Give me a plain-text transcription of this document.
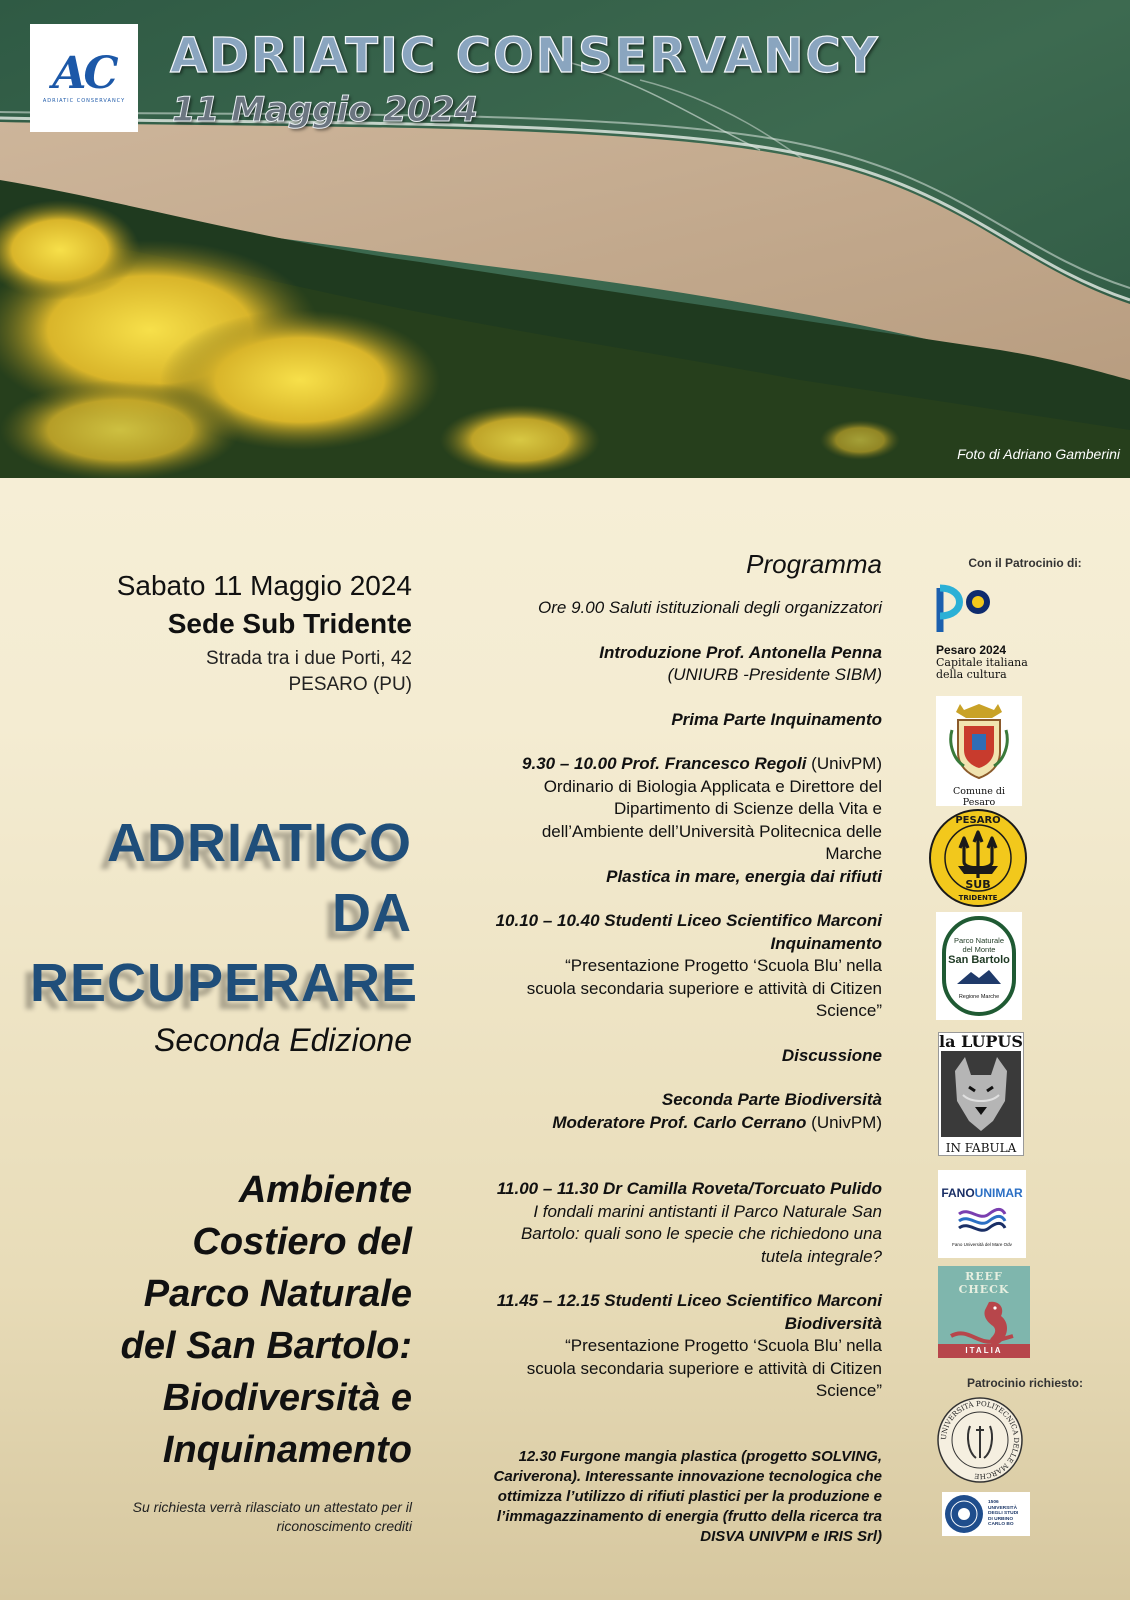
AC
ADRIATIC CONSERVANCY
ADRIATIC CONSERVANCY
11 Maggio 2024
Foto di Adriano Gamberini
Sabato 11 Maggio 2024
Sede Sub Tridente
Strada tra i due Porti, 42
PESARO (PU)
ADRIATICO
DA
RECUPERARE
Seconda Edizione
Ambiente
Costiero del
Parco Naturale
del San Bartolo:
Biodiversità e
Inquinamento
Su richiesta verrà rilasciato un attestato per il
riconoscimento crediti
Programma
Ore 9.00 Saluti istituzionali degli organizzatori
Introduzione Prof. Antonella Penna
(UNIURB -Presidente SIBM)
Prima Parte Inquinamento
9.30 – 10.00 Prof. Francesco Regoli (UnivPM)
Ordinario di Biologia Applicata e Direttore del
Dipartimento di Scienze della Vita e
dell’Ambiente dell’Università Politecnica delle
Marche
Plastica in mare, energia dai rifiuti
10.10 – 10.40 Studenti Liceo Scientifico Marconi
Inquinamento
“Presentazione Progetto ‘Scuola Blu’ nella
scuola secondaria superiore e attività di Citizen
Science”
Discussione
Seconda Parte Biodiversità
Moderatore Prof. Carlo Cerrano (UnivPM)
11.00 – 11.30 Dr Camilla Roveta/Torcuato Pulido
I fondali marini antistanti il Parco Naturale San
Bartolo: quali sono le specie che richiedono una
tutela integrale?
11.45 – 12.15 Studenti Liceo Scientifico Marconi
Biodiversità
“Presentazione Progetto ‘Scuola Blu’ nella
scuola secondaria superiore e attività di Citizen
Science”
12.30 Furgone mangia plastica (progetto SOLVING,
Cariverona). Interessante innovazione tecnologica che
ottimizza l’utilizzo di rifiuti plastici per la produzione e
l’immagazzinamento di energia (frutto della ricerca tra
DISVA UNIVPM e IRIS Srl)
Con il Patrocinio di:
Pesaro 2024
Capitale italiana
della cultura
Comune di Pesaro
PESARO
SUB
TRIDENTE
Parco Naturale
del Monte
San Bartolo
Regione Marche
la LUPUS
IN FABULA
FANOUNIMAR
Fano Università del Mare Odv
REEF CHECK
ITALIA
Patrocinio richiesto:
UNIVERSITÀ POLITECNICA DELLE MARCHE
1506
UNIVERSITÀ
DEGLI STUDI
DI URBINO
CARLO BO
